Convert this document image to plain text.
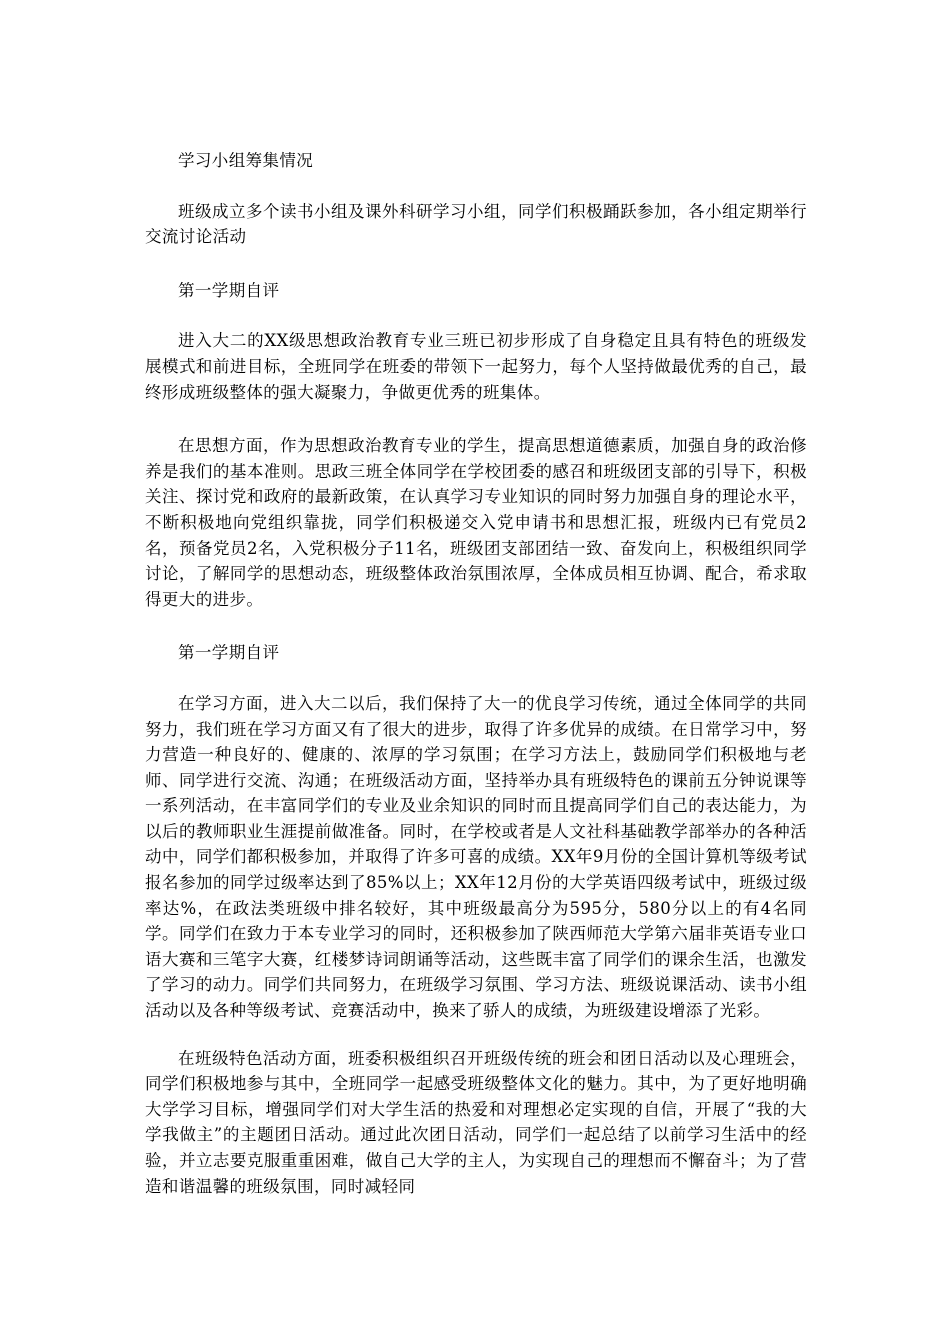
学习小组筹集情况

班级成立多个读书小组及课外科研学习小组，同学们积极踊跃参加，各小组定期举行交流讨论活动

第一学期自评

进入大二的XX级思想政治教育专业三班已初步形成了自身稳定且具有特色的班级发展模式和前进目标，全班同学在班委的带领下一起努力，每个人坚持做最优秀的自己，最终形成班级整体的强大凝聚力，争做更优秀的班集体。

在思想方面，作为思想政治教育专业的学生，提高思想道德素质，加强自身的政治修养是我们的基本准则。思政三班全体同学在学校团委的感召和班级团支部的引导下，积极关注、探讨党和政府的最新政策，在认真学习专业知识的同时努力加强自身的理论水平，不断积极地向党组织靠拢，同学们积极递交入党申请书和思想汇报，班级内已有党员2名，预备党员2名，入党积极分子11名，班级团支部团结一致、奋发向上，积极组织同学讨论，了解同学的思想动态，班级整体政治氛围浓厚，全体成员相互协调、配合，希求取得更大的进步。

第一学期自评

在学习方面，进入大二以后，我们保持了大一的优良学习传统，通过全体同学的共同努力，我们班在学习方面又有了很大的进步，取得了许多优异的成绩。在日常学习中，努力营造一种良好的、健康的、浓厚的学习氛围；在学习方法上，鼓励同学们积极地与老师、同学进行交流、沟通；在班级活动方面，坚持举办具有班级特色的课前五分钟说课等一系列活动，在丰富同学们的专业及业余知识的同时而且提高同学们自己的表达能力，为以后的教师职业生涯提前做准备。同时，在学校或者是人文社科基础教学部举办的各种活动中，同学们都积极参加，并取得了许多可喜的成绩。XX年9月份的全国计算机等级考试报名参加的同学过级率达到了85%以上；XX年12月份的大学英语四级考试中，班级过级率达%，在政法类班级中排名较好，其中班级最高分为595分，580分以上的有4名同学。同学们在致力于本专业学习的同时，还积极参加了陕西师范大学第六届非英语专业口语大赛和三笔字大赛，红楼梦诗词朗诵等活动，这些既丰富了同学们的课余生活，也激发了学习的动力。同学们共同努力，在班级学习氛围、学习方法、班级说课活动、读书小组活动以及各种等级考试、竞赛活动中，换来了骄人的成绩，为班级建设增添了光彩。

在班级特色活动方面，班委积极组织召开班级传统的班会和团日活动以及心理班会，同学们积极地参与其中，全班同学一起感受班级整体文化的魅力。其中，为了更好地明确大学学习目标，增强同学们对大学生活的热爱和对理想必定实现的自信，开展了“我的大学我做主”的主题团日活动。通过此次团日活动，同学们一起总结了以前学习生活中的经验，并立志要克服重重困难，做自己大学的主人，为实现自己的理想而不懈奋斗；为了营造和谐温馨的班级氛围，同时减轻同
